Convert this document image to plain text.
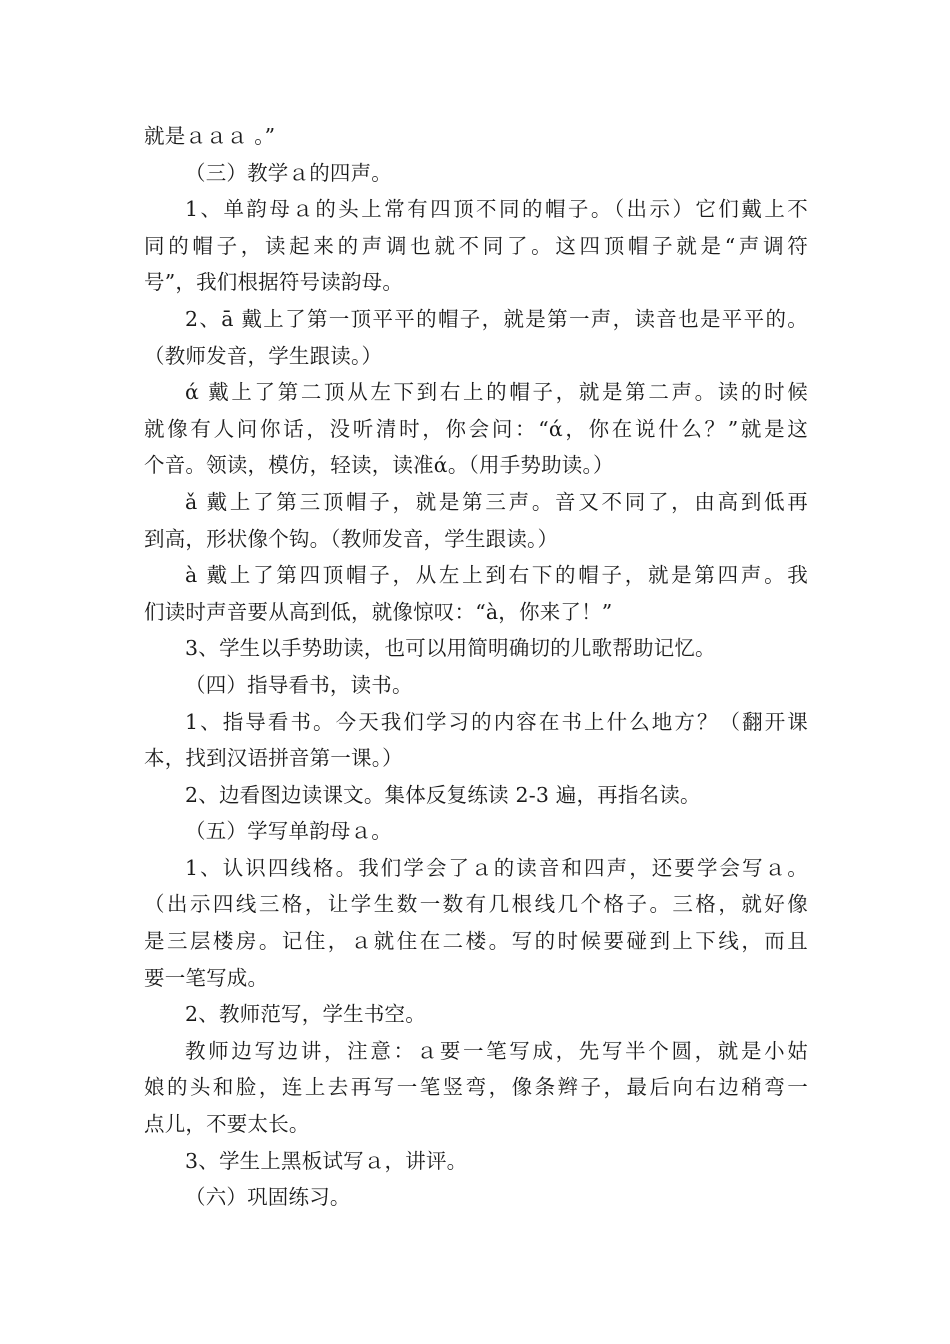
就是ａａａ 。”
（三）教学ａ的四声。
1、单韵母ａ的头上常有四顶不同的帽子。（出示）它们戴上不
同的帽子，读起来的声调也就不同了。这四顶帽子就是“声调符
号”，我们根据符号读韵母。
2、ā 戴上了第一顶平平的帽子，就是第一声，读音也是平平的。
（教师发音，学生跟读。）
ά 戴上了第二顶从左下到右上的帽子，就是第二声。读的时候
就像有人问你话，没听清时，你会问：“ά，你在说什么？”就是这
个音。领读，模仿，轻读，读准ά。（用手势助读。）
ǎ 戴上了第三顶帽子，就是第三声。音又不同了，由高到低再
到高，形状像个钩。（教师发音，学生跟读。）
à 戴上了第四顶帽子，从左上到右下的帽子，就是第四声。我
们读时声音要从高到低，就像惊叹：“à，你来了！”
3、学生以手势助读，也可以用简明确切的儿歌帮助记忆。
（四）指导看书，读书。
1、指导看书。今天我们学习的内容在书上什么地方？（翻开课
本，找到汉语拼音第一课。）
2、边看图边读课文。集体反复练读 2-3 遍，再指名读。
（五）学写单韵母ａ。
1、认识四线格。我们学会了ａ的读音和四声，还要学会写ａ。
（出示四线三格，让学生数一数有几根线几个格子。三格，就好像
是三层楼房。记住，ａ就住在二楼。写的时候要碰到上下线，而且
要一笔写成。
2、教师范写，学生书空。
教师边写边讲，注意：ａ要一笔写成，先写半个圆，就是小姑
娘的头和脸，连上去再写一笔竖弯，像条辫子，最后向右边稍弯一
点儿，不要太长。
3、学生上黑板试写ａ，讲评。
（六）巩固练习。
